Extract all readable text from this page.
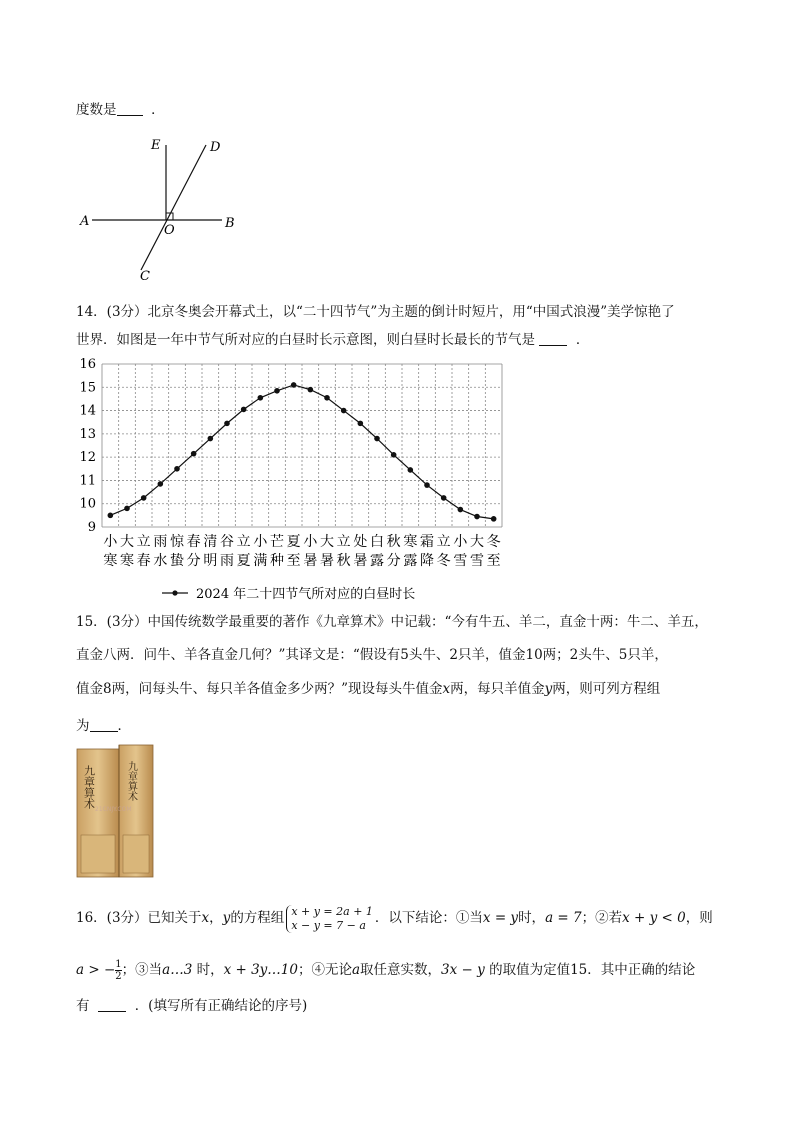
度数是	．
E	D
A
O	B
C
14．(3分）北京冬奥会开幕式土，以“二十四节气”为主题的倒计时短片，用“中国式浪漫”美学惊艳了
世界．如图是一年中节气所对应的白昼时长示意图，则白昼时长最长的节气是	．
9
10
11
12
13
14
15
16
小 大 立 雨 惊 春 清 谷 立 小 芒 夏 小 大 立 处 白 秋 寒 霜 立 小 大 冬
寒 寒 春 水 蛰 分 明 雨 夏 满 种 至 暑 暑 秋 暑 露 分 露 降 冬 雪 雪 至
2024 年二十四节气所对应的白昼时长
15．(3分）中国传统数学最重要的著作《九章算术》中记载：“今有牛五、羊二，直金十两：牛二、羊五，
直金八两．问牛、羊各直金几何？”其译文是：“假设有5头牛、2只羊，值金10两；2头牛、5只羊，
值金8两，问每头牛、每只羊各值金多少两？”现设每头牛值金x两，每只羊值金y两，则可列方程组
为 ．
九章算术	九章算术
21CNJY.COM
16．(3分）已知关于x，y的方程组 x + y = 2a + 1
x − y = 7 − a ．以下结论：①当x = y时，a = 7；②若x + y < 0，则
a > − $\frac{1}{2}$ ；③当a…3 时，x + 3y…10；④无论a取任意实数，3x − y 的取值为定值15．其中正确的结论
有	．(填写所有正确结论的序号)
